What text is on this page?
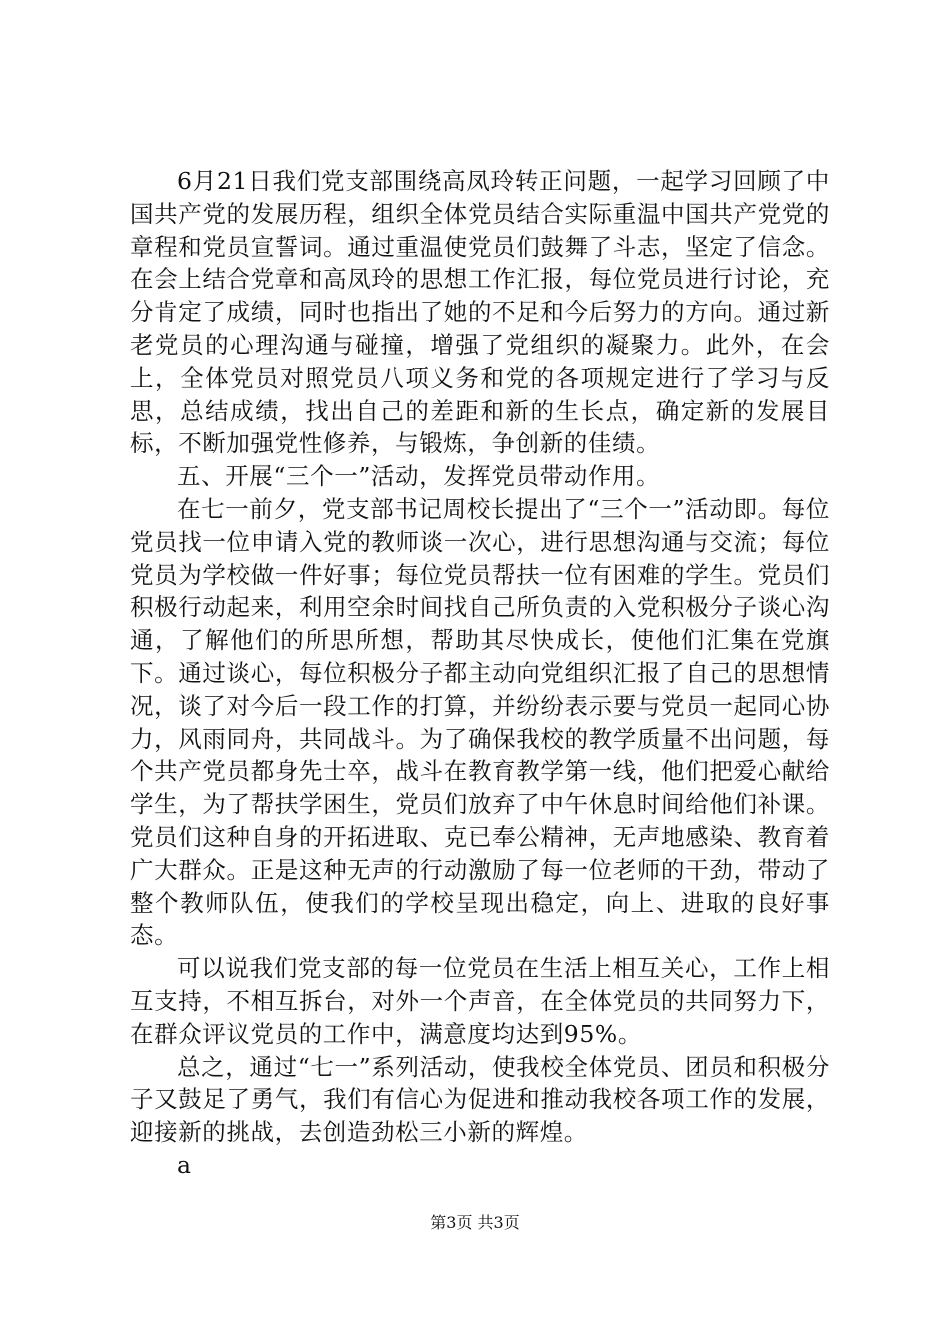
6月21日我们党支部围绕高凤玲转正问题，一起学习回顾了中国共产党的发展历程，组织全体党员结合实际重温中国共产党党的章程和党员宣誓词。通过重温使党员们鼓舞了斗志，坚定了信念。在会上结合党章和高凤玲的思想工作汇报，每位党员进行讨论，充分肯定了成绩，同时也指出了她的不足和今后努力的方向。通过新老党员的心理沟通与碰撞，增强了党组织的凝聚力。此外，在会上，全体党员对照党员八项义务和党的各项规定进行了学习与反思，总结成绩，找出自己的差距和新的生长点，确定新的发展目标，不断加强党性修养，与锻炼，争创新的佳绩。

五、开展“三个一”活动，发挥党员带动作用。

在七一前夕，党支部书记周校长提出了“三个一”活动即。每位党员找一位申请入党的教师谈一次心，进行思想沟通与交流；每位党员为学校做一件好事；每位党员帮扶一位有困难的学生。党员们积极行动起来，利用空余时间找自己所负责的入党积极分子谈心沟通，了解他们的所思所想，帮助其尽快成长，使他们汇集在党旗下。通过谈心，每位积极分子都主动向党组织汇报了自己的思想情况，谈了对今后一段工作的打算，并纷纷表示要与党员一起同心协力，风雨同舟，共同战斗。为了确保我校的教学质量不出问题，每个共产党员都身先士卒，战斗在教育教学第一线，他们把爱心献给学生，为了帮扶学困生，党员们放弃了中午休息时间给他们补课。党员们这种自身的开拓进取、克已奉公精神，无声地感染、教育着广大群众。正是这种无声的行动激励了每一位老师的干劲，带动了整个教师队伍，使我们的学校呈现出稳定，向上、进取的良好事态。

可以说我们党支部的每一位党员在生活上相互关心，工作上相互支持，不相互拆台，对外一个声音，在全体党员的共同努力下，在群众评议党员的工作中，满意度均达到95%。

总之，通过“七一”系列活动，使我校全体党员、团员和积极分子又鼓足了勇气，我们有信心为促进和推动我校各项工作的发展，迎接新的挑战，去创造劲松三小新的辉煌。

a

第3页 共3页
